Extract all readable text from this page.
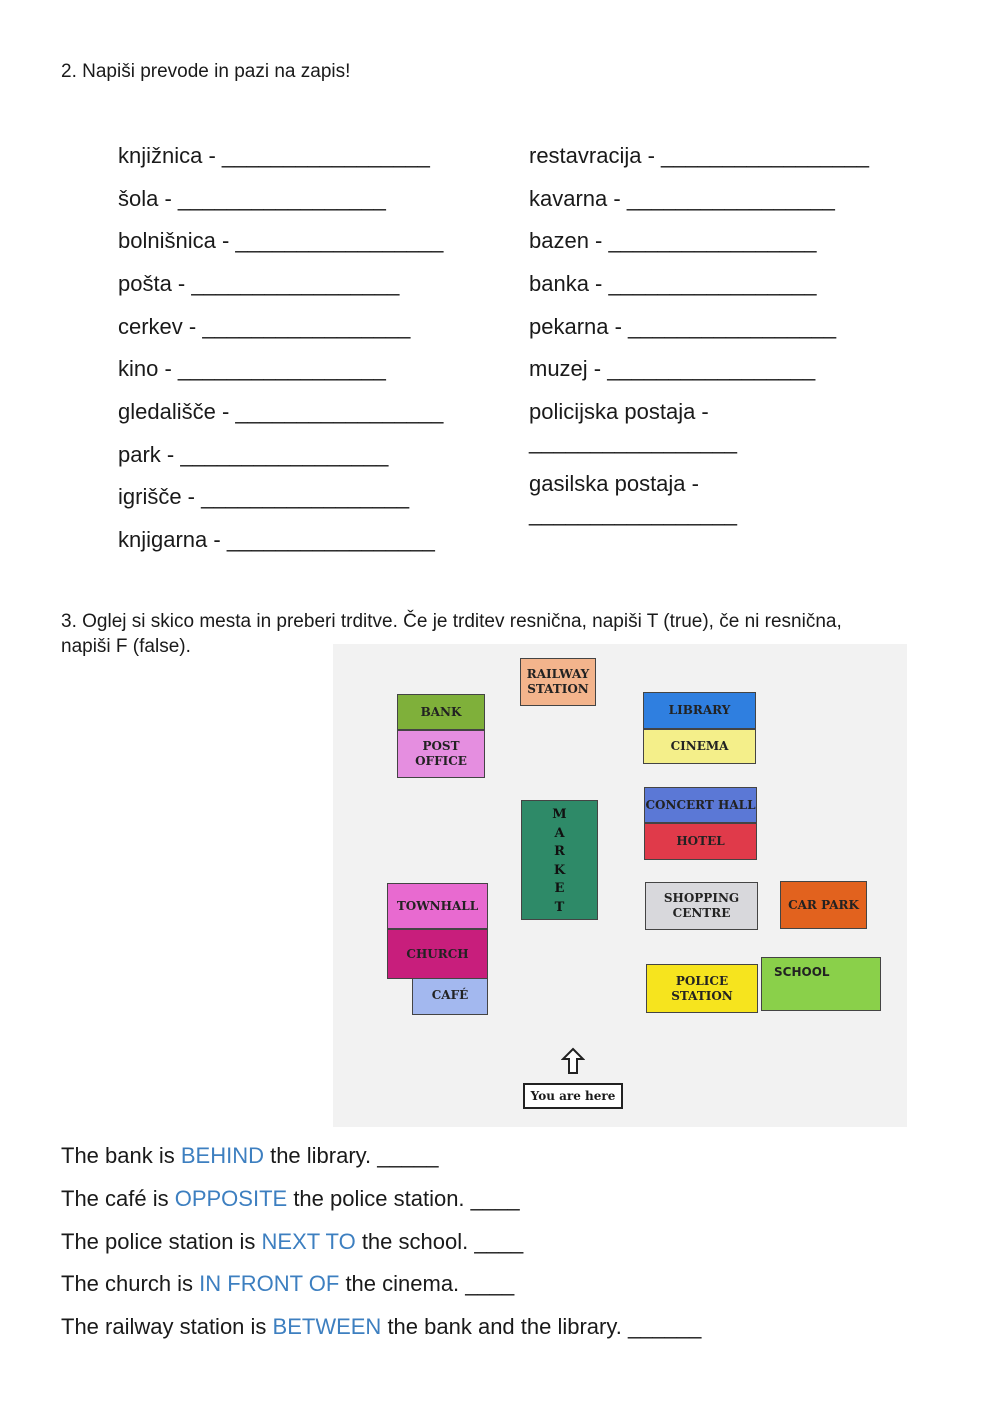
2. Napiši prevode in pazi na zapis!
knjižnica - _________________
šola - _________________
bolnišnica - _________________
pošta - _________________
cerkev - _________________
kino - _________________
gledališče - _________________
park - _________________
igrišče - _________________
knjigarna - _________________
restavracija - _________________
kavarna - _________________
bazen - _________________
banka - _________________
pekarna - _________________
muzej - _________________
policijska postaja -
_________________
gasilska postaja -
_________________
3. Oglej si skico mesta in preberi trditve. Če je trditev resnična, napiši T (true), če ni resnična,
napiši F (false).
RAILWAY
STATION
BANK
POST
OFFICE
LIBRARY
CINEMA
CONCERT HALL
HOTEL
M
A
R
K
E
T
CAFÉ
TOWNHALL
CHURCH
SHOPPING
CENTRE
CAR PARK
POLICE
STATION
SCHOOL
You are here
The bank is BEHIND the library. _____
The café is OPPOSITE the police station. ____
The police station is NEXT TO the school. ____
The church is IN FRONT OF the cinema. ____
The railway station is BETWEEN the bank and the library. ______
